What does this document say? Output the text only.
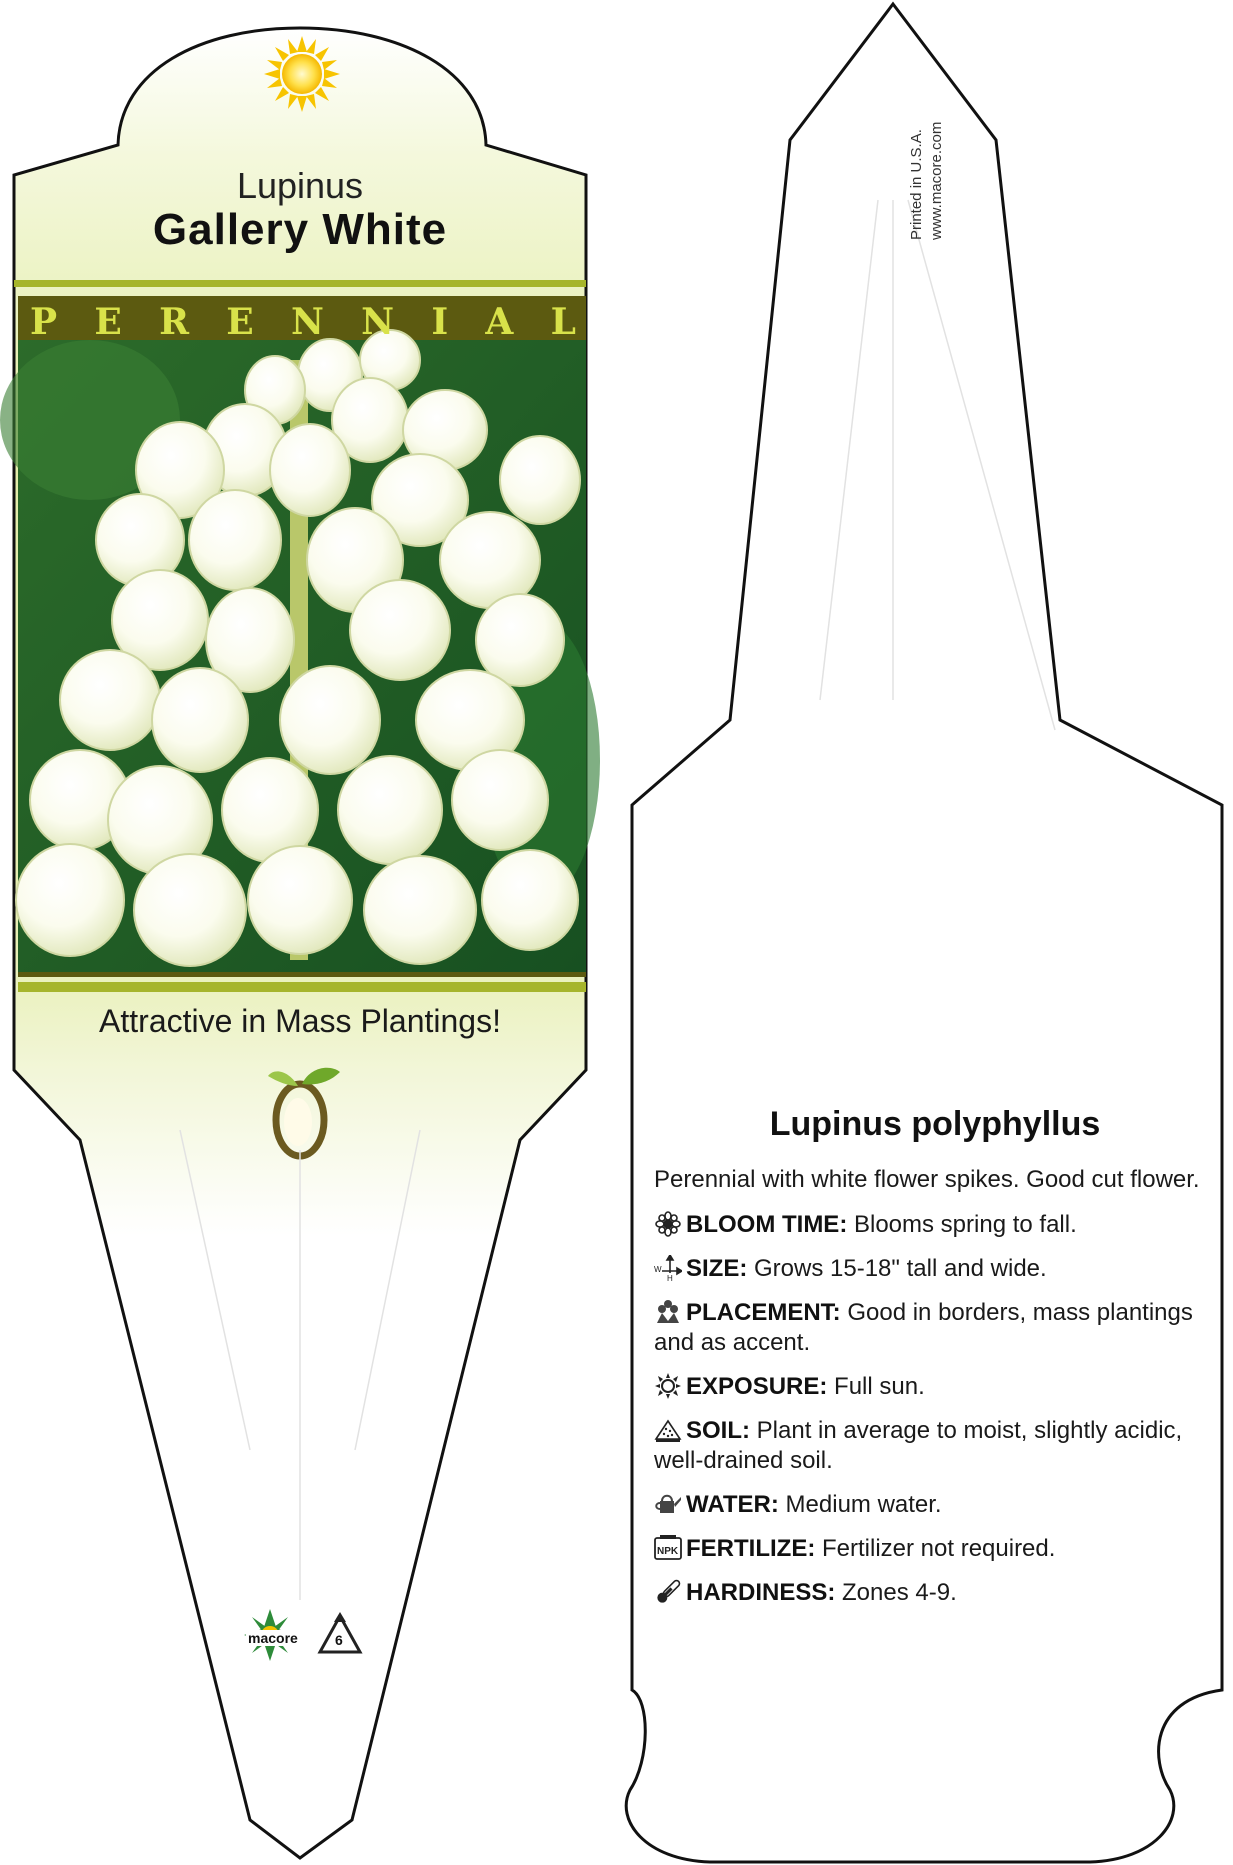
Lupinus
Gallery White
P E R E N N I A L
Attractive in Mass Plantings!
macore	6
Printed in U.S.A. www.macore.com
Lupinus polyphyllus
Perennial with white flower spikes. Good cut flower.
BLOOM TIME: Blooms spring to fall.
W
H SIZE: Grows 15-18" tall and wide.
PLACEMENT: Good in borders, mass plantings and as accent.
EXPOSURE: Full sun.
SOIL: Plant in average to moist, slightly acidic, well-drained soil.
WATER: Medium water.
NPK FERTILIZE: Fertilizer not required.
HARDINESS: Zones 4-9.
